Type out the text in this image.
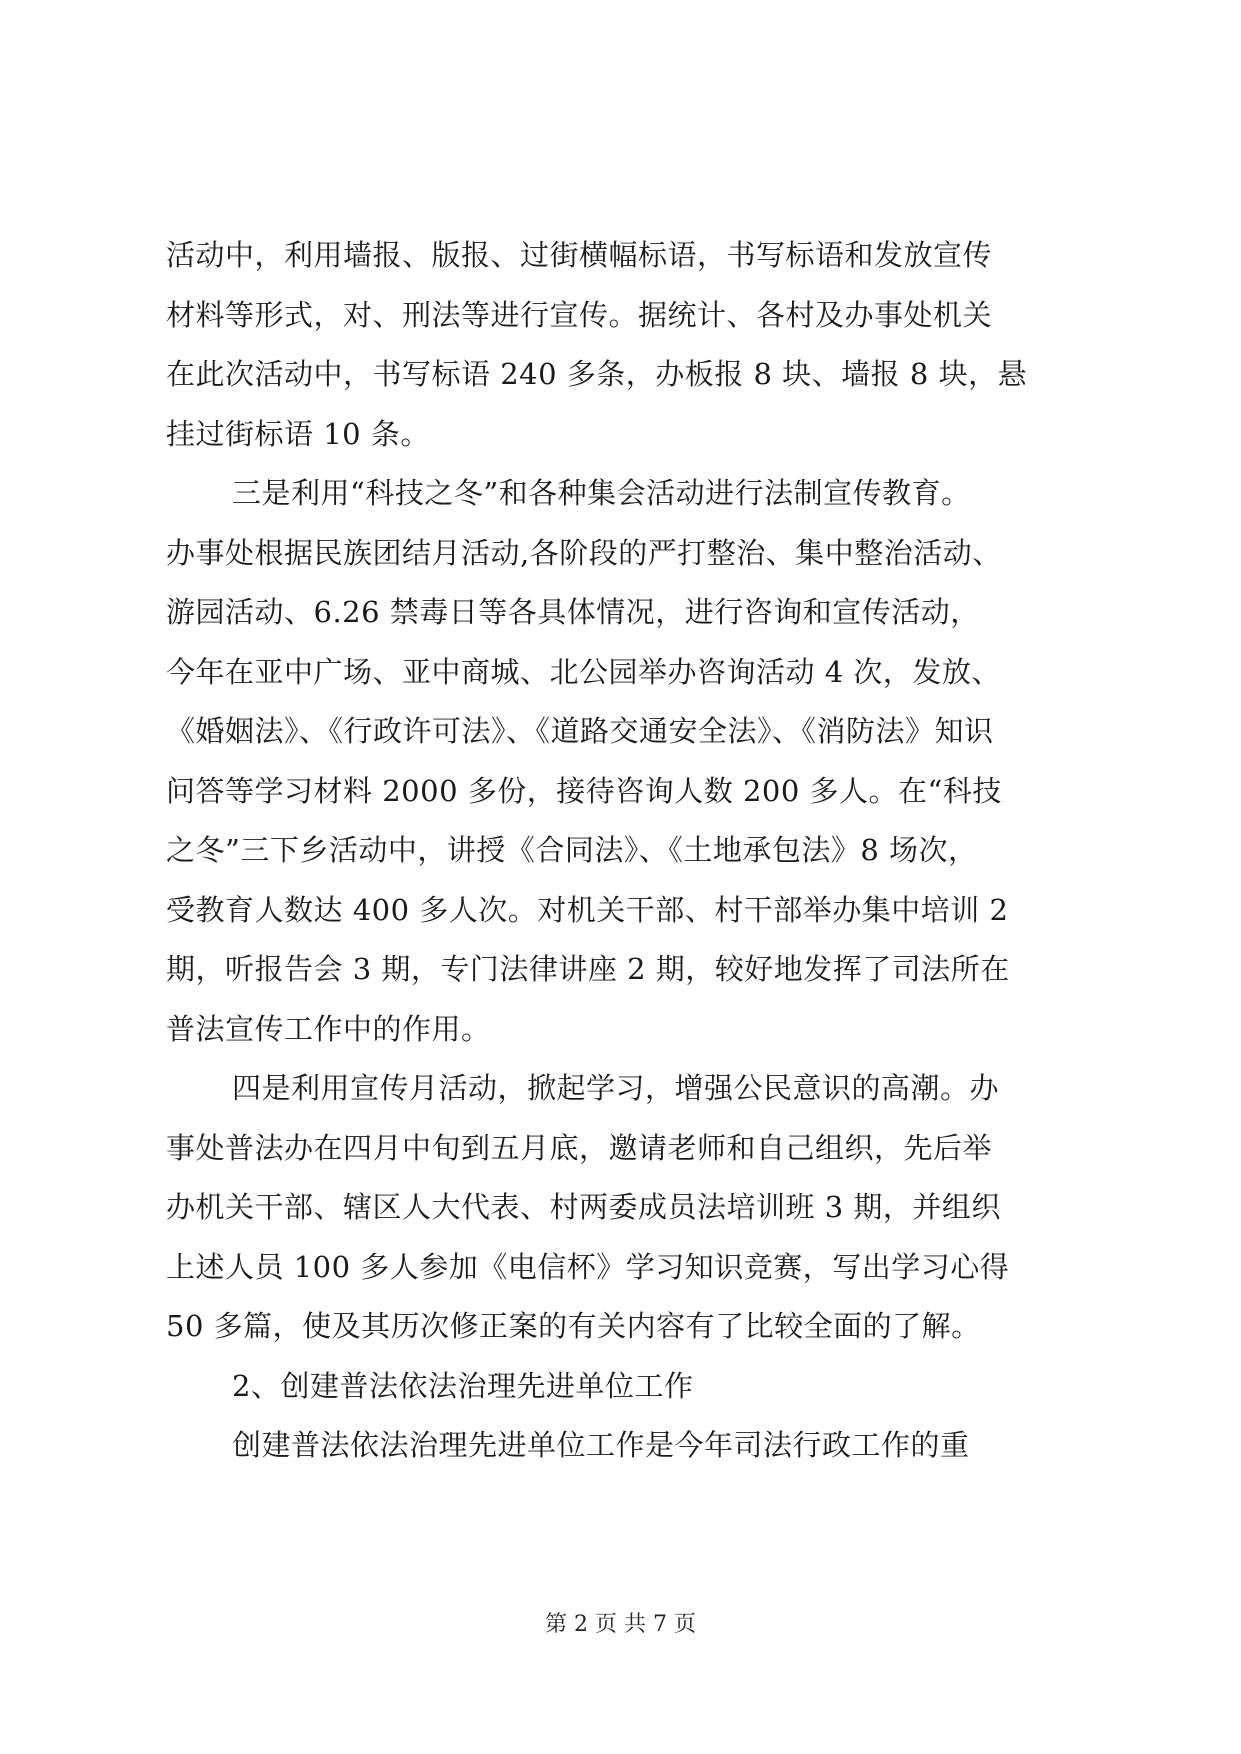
活动中，利用墙报、版报、过街横幅标语，书写标语和发放宣传
材料等形式，对、刑法等进行宣传。据统计、各村及办事处机关
在此次活动中，书写标语 240 多条，办板报 8 块、墙报 8 块，悬
挂过街标语 10 条。
三是利用“科技之冬”和各种集会活动进行法制宣传教育。
办事处根据民族团结月活动,各阶段的严打整治、集中整治活动、
游园活动、6.26 禁毒日等各具体情况，进行咨询和宣传活动，
今年在亚中广场、亚中商城、北公园举办咨询活动 4 次，发放、
《婚姻法》、《行政许可法》、《道路交通安全法》、《消防法》知识
问答等学习材料 2000 多份，接待咨询人数 200 多人。在“科技
之冬”三下乡活动中，讲授《合同法》、《土地承包法》8 场次，
受教育人数达 400 多人次。对机关干部、村干部举办集中培训 2
期，听报告会 3 期，专门法律讲座 2 期，较好地发挥了司法所在
普法宣传工作中的作用。
四是利用宣传月活动，掀起学习，增强公民意识的高潮。办
事处普法办在四月中旬到五月底，邀请老师和自己组织，先后举
办机关干部、辖区人大代表、村两委成员法培训班 3 期，并组织
上述人员 100 多人参加《电信杯》学习知识竞赛，写出学习心得
50 多篇，使及其历次修正案的有关内容有了比较全面的了解。
2、创建普法依法治理先进单位工作
创建普法依法治理先进单位工作是今年司法行政工作的重
第 2 页 共 7 页
